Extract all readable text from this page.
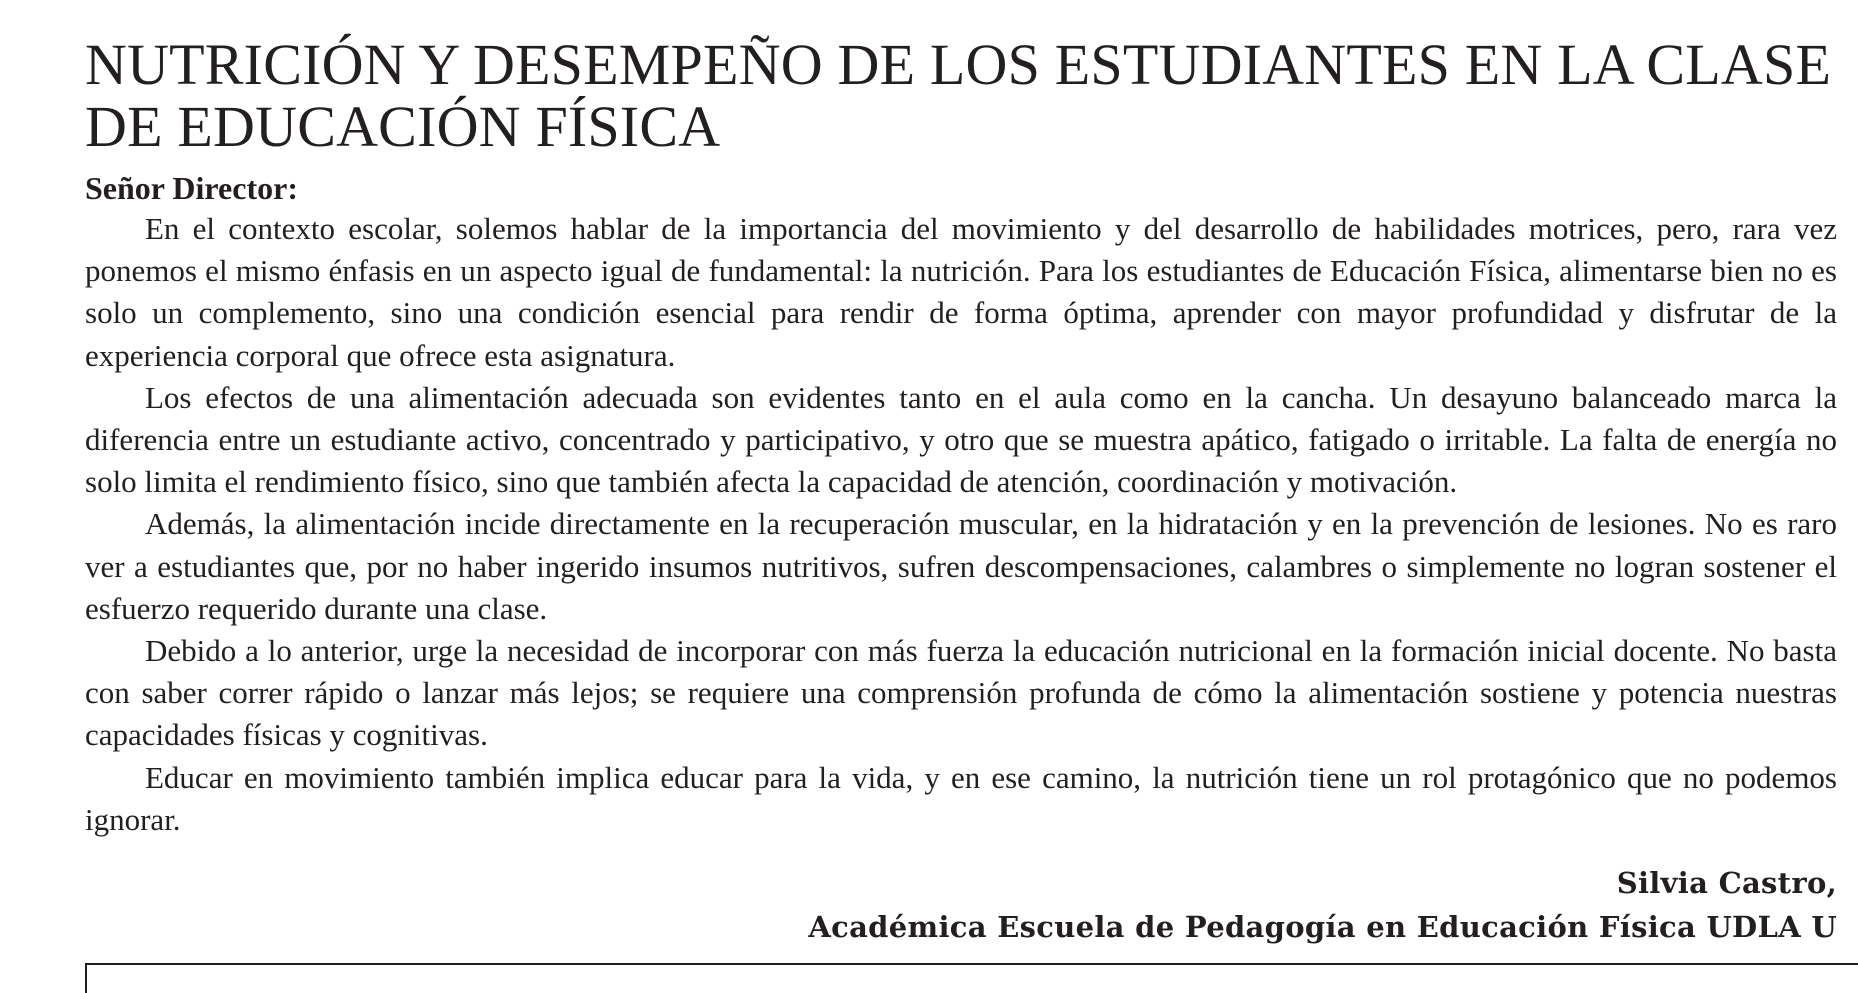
NUTRICIÓN Y DESEMPEÑO DE LOS ESTUDIANTES EN LA CLASE
DE EDUCACIÓN FÍSICA
Señor Director:

En el contexto escolar, solemos hablar de la importancia del movimiento y del desarrollo de habilidades motrices, pero, rara vez ponemos el mismo énfasis en un aspecto igual de fundamental: la nutrición. Para los estudiantes de Educación Física, alimentarse bien no es solo un complemento, sino una condición esencial para rendir de forma óptima, aprender con mayor profundidad y disfrutar de la experiencia corporal que ofrece esta asignatura.

Los efectos de una alimentación adecuada son evidentes tanto en el aula como en la cancha. Un desayuno balanceado marca la diferencia entre un estudiante activo, concentrado y participativo, y otro que se muestra apático, fatigado o irritable. La falta de energía no solo limita el rendimiento físico, sino que también afecta la capacidad de atención, coordinación y motivación.

Además, la alimentación incide directamente en la recuperación muscular, en la hidratación y en la prevención de lesiones. No es raro ver a estudiantes que, por no haber ingerido insumos nutritivos, sufren descompensaciones, calambres o simplemente no logran sostener el esfuerzo requerido durante una clase.

Debido a lo anterior, urge la necesidad de incorporar con más fuerza la educación nutricional en la formación inicial docente. No basta con saber correr rápido o lanzar más lejos; se requiere una comprensión profunda de cómo la alimentación sostiene y potencia nuestras capacidades físicas y cognitivas.

Educar en movimiento también implica educar para la vida, y en ese camino, la nutrición tiene un rol protagónico que no podemos ignorar.

Silvia Castro,
Académica Escuela de Pedagogía en Educación Física UDLA U
